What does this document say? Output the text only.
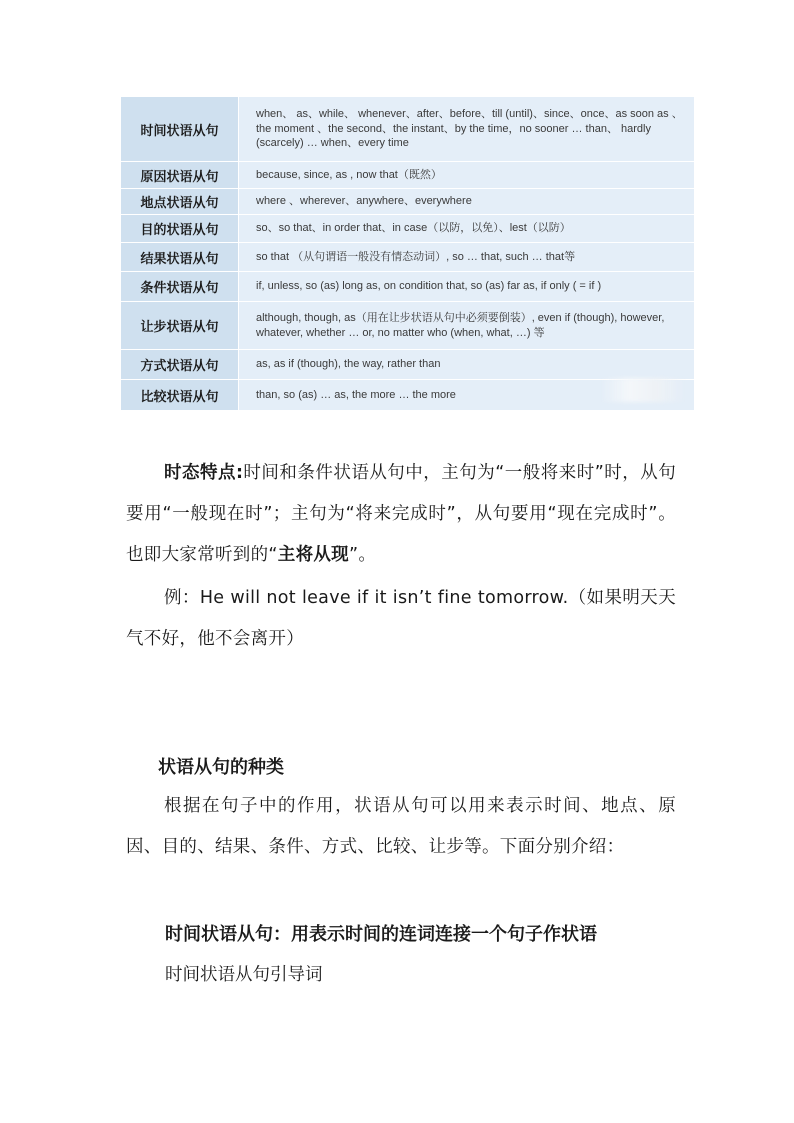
时间状语从句	when、 as、while、 whenever、after、before、till (until)、since、once、as soon as 、the moment 、the second、the instant、by the time，no sooner … than、 hardly (scarcely) … when、every time
原因状语从句	because, since, as , now that（既然）
地点状语从句	where 、wherever、anywhere、everywhere
目的状语从句	so、so that、in order that、in case（以防，以免）、lest（以防）
结果状语从句	so that （从句谓语一般没有情态动词）, so … that, such … that等
条件状语从句	if, unless, so (as) long as, on condition that, so (as) far as, if only ( = if )
让步状语从句	although, though, as（用在让步状语从句中必须要倒装）, even if (though), however, whatever, whether … or, no matter who (when, what, …) 等
方式状语从句	as, as if (though), the way, rather than
比较状语从句	than, so (as) … as, the more … the more

时态特点:时间和条件状语从句中，主句为“一般将来时”时，从句要用“一般现在时”；主句为“将来完成时”，从句要用“现在完成时”。也即大家常听到的“主将从现”。

例：He will not leave if it isn’t fine tomorrow.（如果明天天气不好，他不会离开）

状语从句的种类

根据在句子中的作用，状语从句可以用来表示时间、地点、原因、目的、结果、条件、方式、比较、让步等。下面分别介绍：

时间状语从句：用表示时间的连词连接一个句子作状语

时间状语从句引导词
